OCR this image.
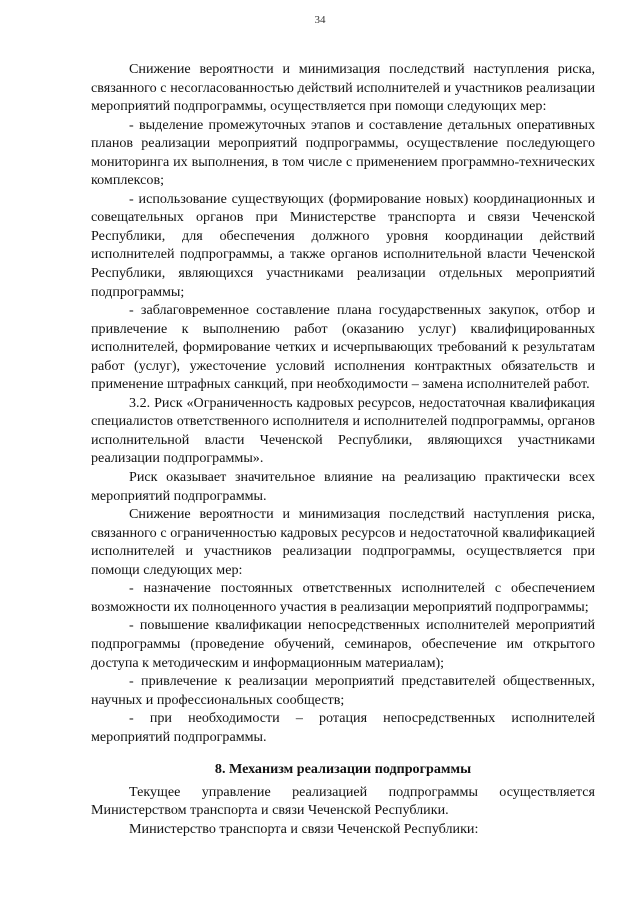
34

Снижение вероятности и минимизация последствий наступления риска, связанного с несогласованностью действий исполнителей и участников реализации мероприятий подпрограммы, осуществляется при помощи следующих мер:

- выделение промежуточных этапов и составление детальных оперативных планов реализации мероприятий подпрограммы, осуществление последующего мониторинга их выполнения, в том числе с применением программно-технических комплексов;

- использование существующих (формирование новых) координационных и совещательных органов при Министерстве транспорта и связи Чеченской Республики, для обеспечения должного уровня координации действий исполнителей подпрограммы, а также органов исполнительной власти Чеченской Республики, являющихся участниками реализации отдельных мероприятий подпрограммы;

- заблаговременное составление плана государственных закупок, отбор и привлечение к выполнению работ (оказанию услуг) квалифицированных исполнителей, формирование четких и исчерпывающих требований к результатам работ (услуг), ужесточение условий исполнения контрактных обязательств и применение штрафных санкций, при необходимости – замена исполнителей работ.

3.2. Риск «Ограниченность кадровых ресурсов, недостаточная квалификация специалистов ответственного исполнителя и исполнителей подпрограммы, органов исполнительной власти Чеченской Республики, являющихся участниками реализации подпрограммы».

Риск оказывает значительное влияние на реализацию практически всех мероприятий подпрограммы.

Снижение вероятности и минимизация последствий наступления риска, связанного с ограниченностью кадровых ресурсов и недостаточной квалификацией исполнителей и участников реализации подпрограммы, осуществляется при помощи следующих мер:

- назначение постоянных ответственных исполнителей с обеспечением возможности их полноценного участия в реализации мероприятий подпрограммы;

- повышение квалификации непосредственных исполнителей мероприятий подпрограммы (проведение обучений, семинаров, обеспечение им открытого доступа к методическим и информационным материалам);

- привлечение к реализации мероприятий представителей общественных, научных и профессиональных сообществ;

- при необходимости – ротация непосредственных исполнителей мероприятий подпрограммы.

8. Механизм реализации подпрограммы

Текущее управление реализацией подпрограммы осуществляется Министерством транспорта и связи Чеченской Республики.

Министерство транспорта и связи Чеченской Республики:
